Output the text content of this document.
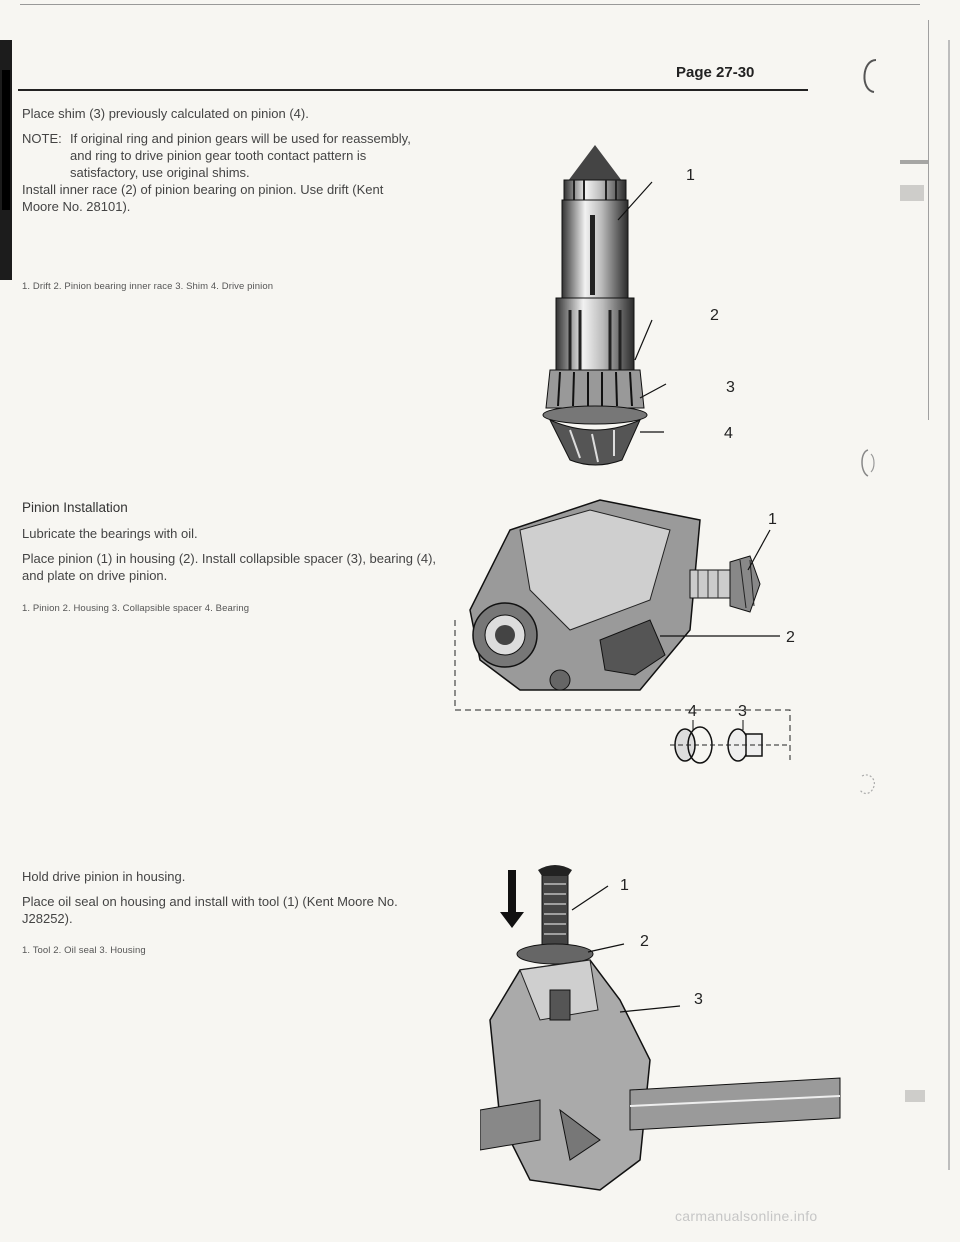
Page 27-30
Place shim (3) previously calculated on pinion (4).
NOTE: If original ring and pinion gears will be used for reassembly, and ring to drive pinion gear tooth contact pattern is satisfactory, use original shims.
Install inner race (2) of pinion bearing on pinion. Use drift (Kent Moore No. 28101).
1. Drift 2. Pinion bearing inner race 3. Shim 4. Drive pinion
1
2
3
4
Pinion Installation
Lubricate the bearings with oil.
Place pinion (1) in housing (2). Install collapsible spacer (3), bearing (4), and plate on drive pinion.
1. Pinion 2. Housing 3. Collapsible spacer 4. Bearing
1
2
4	3
Hold drive pinion in housing.
Place oil seal on housing and install with tool (1) (Kent Moore No. J28252).
1. Tool 2. Oil seal 3. Housing
1
2
3
carmanualsonline.info
